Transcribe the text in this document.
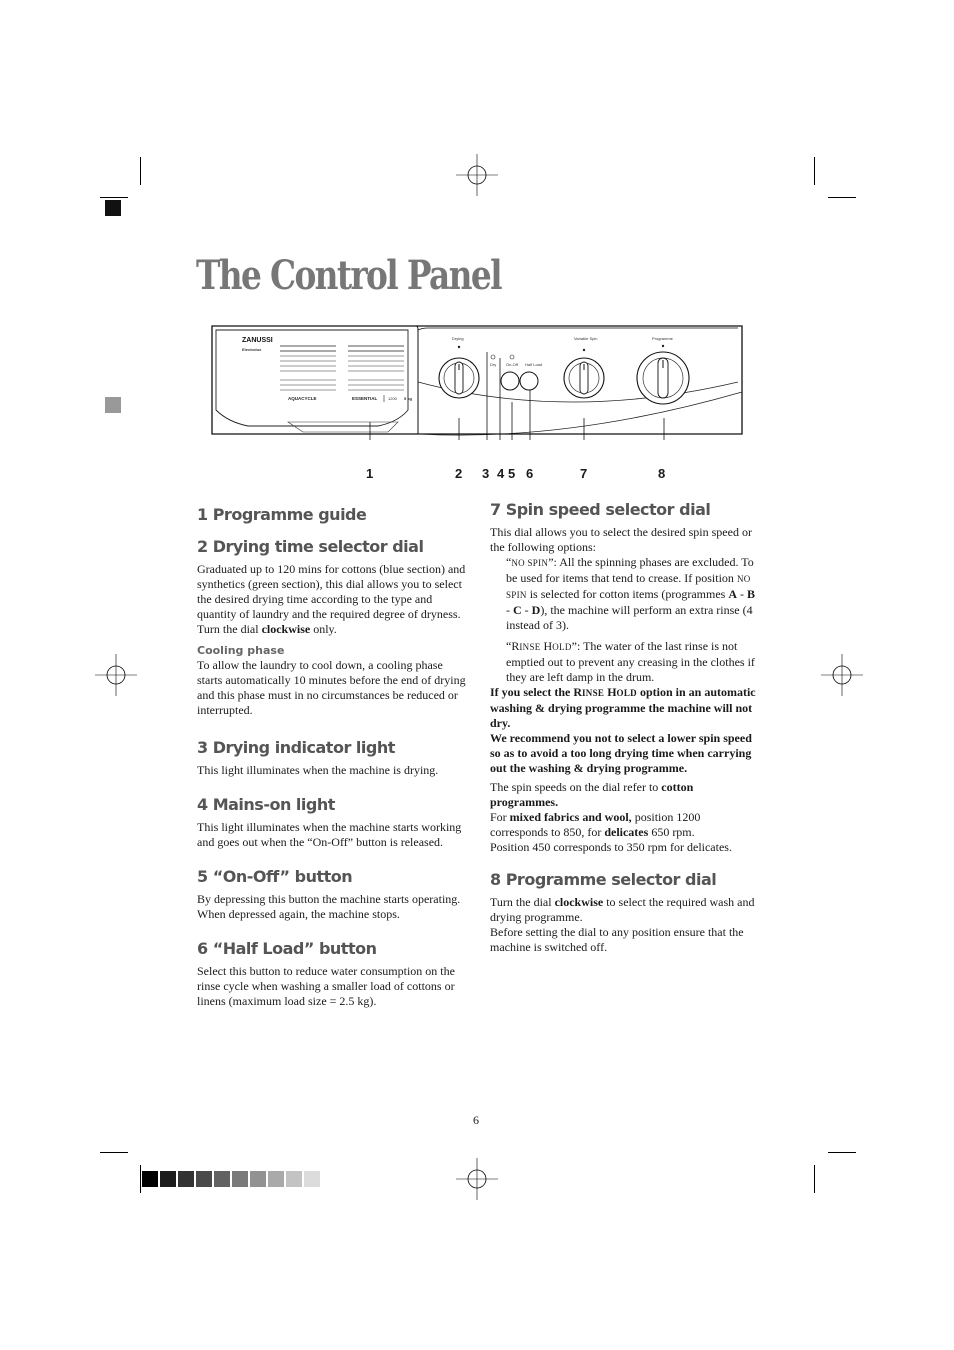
The Control Panel
ZANUSSI
Electrolux
AQUACYCLE	ESSENTIAL	1200 5 kg
Drying
Dry On-Off Half Load
Variable Spin	Programme
1	2 3 4 5 6	7	8
1 Programme guide
2 Drying time selector dial

Graduated up to 120 mins for cottons (blue section) and synthetics (green section), this dial allows you to select the desired drying time according to the type and quantity of laundry and the required degree of dryness. Turn the dial clockwise only.

Cooling phase

To allow the laundry to cool down, a cooling phase starts automatically 10 minutes before the end of drying and this phase must in no circumstances be reduced or interrupted.

3 Drying indicator light

This light illuminates when the machine is drying.

4 Mains-on light

This light illuminates when the machine starts working and goes out when the “On-Off” button is released.

5 “On-Off” button

By depressing this button the machine starts operating. When depressed again, the machine stops.

6 “Half Load” button

Select this button to reduce water consumption on the rinse cycle when washing a smaller load of cottons or linens (maximum load size = 2.5 kg).

7 Spin speed selector dial

This dial allows you to select the desired spin speed or the following options:

“NO SPIN”: All the spinning phases are excluded. To be used for items that tend to crease. If position NO SPIN is selected for cotton items (programmes A - B - C - D), the machine will perform an extra rinse (4 instead of 3).

“RINSE HOLD”: The water of the last rinse is not emptied out to prevent any creasing in the clothes if they are left damp in the drum.

If you select the RINSE HOLD option in an automatic washing & drying programme the machine will not dry.

We recommend you not to select a lower spin speed so as to avoid a too long drying time when carrying out the washing & drying programme.

The spin speeds on the dial refer to cotton programmes.

For mixed fabrics and wool, position 1200 corresponds to 850, for delicates 650 rpm.

Position 450 corresponds to 350 rpm for delicates.

8 Programme selector dial

Turn the dial clockwise to select the required wash and drying programme.

Before setting the dial to any position ensure that the machine is switched off.

6
